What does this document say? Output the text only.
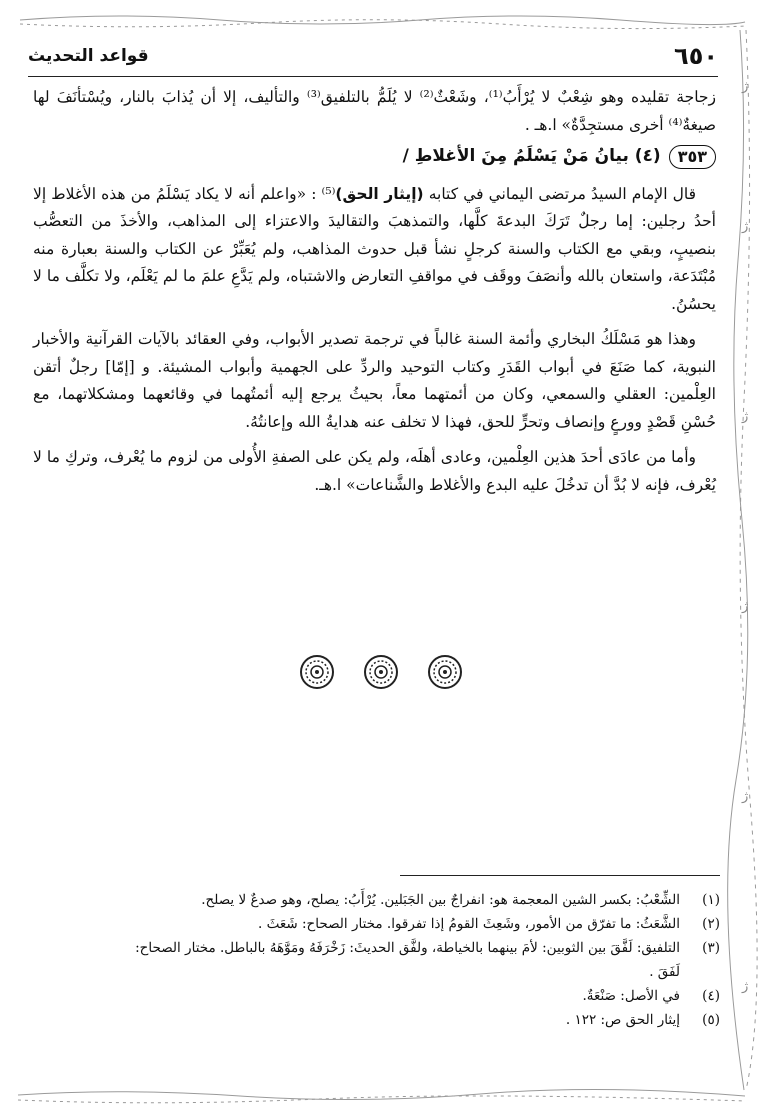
ﮊ
ﮊ
ﮊ
ﮊ
ﮊ
ﮊ
٦٥٠
قواعد التحديث

زجاجة تقليده وهو شِعْبٌ لا يُرْأَبُ⁽¹⁾، وشَعْثٌ⁽²⁾ لا يُلَمُّ بالتلفيق⁽³⁾ والتأليف، إلا أن يُذابَ بالنار، ويُسْتأنَفَ لها صيغةٌ⁽⁴⁾ أخرى مستجِدَّةٌ» ا.هـ .

٣٥٣
(٤) بيانُ مَنْ يَسْلَمُ مِنَ الأغلاطِ /

قال الإمام السيدُ مرتضى اليماني في كتابه (إيثار الحق)⁽⁵⁾ : «واعلم أنه لا يكاد يَسْلَمُ من هذه الأغلاط إلا أحدُ رجلين: إما رجلٌ تَرَكَ البدعةَ كلَّها، والتمذهبَ والتقاليدَ والاعتزاء إلى المذاهب، والأخذَ من التعصُّب بنصيبٍ، وبقي مع الكتاب والسنة كرجلٍ نشأ قبل حدوث المذاهب، ولم يُعَبِّرْ عن الكتاب والسنة بعبارة منه مُبْتَدَعة، واستعان بالله وأنصَفَ ووقَف في مواقفِ التعارض والاشتباه، ولم يَدَّعِ علمَ ما لم يَعْلَم، ولا تكلَّف ما لا يحسُنُ.

وهذا هو مَسْلَكُ البخاري وأئمة السنة غالباً في ترجمة تصدير الأبواب، وفي العقائد بالآيات القرآنية والأخبار النبوية، كما صَنَعَ في أبواب القَدَرِ وكتاب التوحيد والردِّ على الجهمية وأبواب المشيئة. و [إمّا] رجلٌ أتقن العِلْمين: العقلي والسمعي، وكان من أئمتهما معاً، بحيثُ يرجع إليه أئمتُهما في وقائعهما ومشكلاتهما، مع حُسْنِ قَصْدٍ وورعٍ وإنصاف وتحرٍّ للحق، فهذا لا تخلف عنه هدايةُ الله وإعانتُهُ.

وأما من عادَى أحدَ هذين العِلْمين، وعادى أهلَه، ولم يكن على الصفةِ الأُولى من لزوم ما يُعْرف، وتركِ ما لا يُعْرف، فإنه لا بُدَّ أن تدخُلَ عليه البدع والأغلاط والشَّناعات» ا.هـ.

(١)
الشِّعْبُ: بكسر الشين المعجمة هو: انفراجٌ بين الجَبَلين. يُرْأَبُ: يصلح، وهو صدعٌ لا يصلح.
(٢)
الشَّعَثُ: ما تفرّق من الأمور، وشَعِثَ القومُ إذا تفرقوا. مختار الصحاح: شَعَثَ .
(٣)
التلفيق: لَفَّقَ بين الثوبين: لأمَ بينهما بالخياطة، ولفَّق الحديثَ: زَخْرَفَهُ ومَوَّهَهُ بالباطل. مختار الصحاح:
لَفَقَ .
(٤)
في الأصل: صَنْعَةٌ.
(٥)
إيثار الحق ص: ١٢٢ .
